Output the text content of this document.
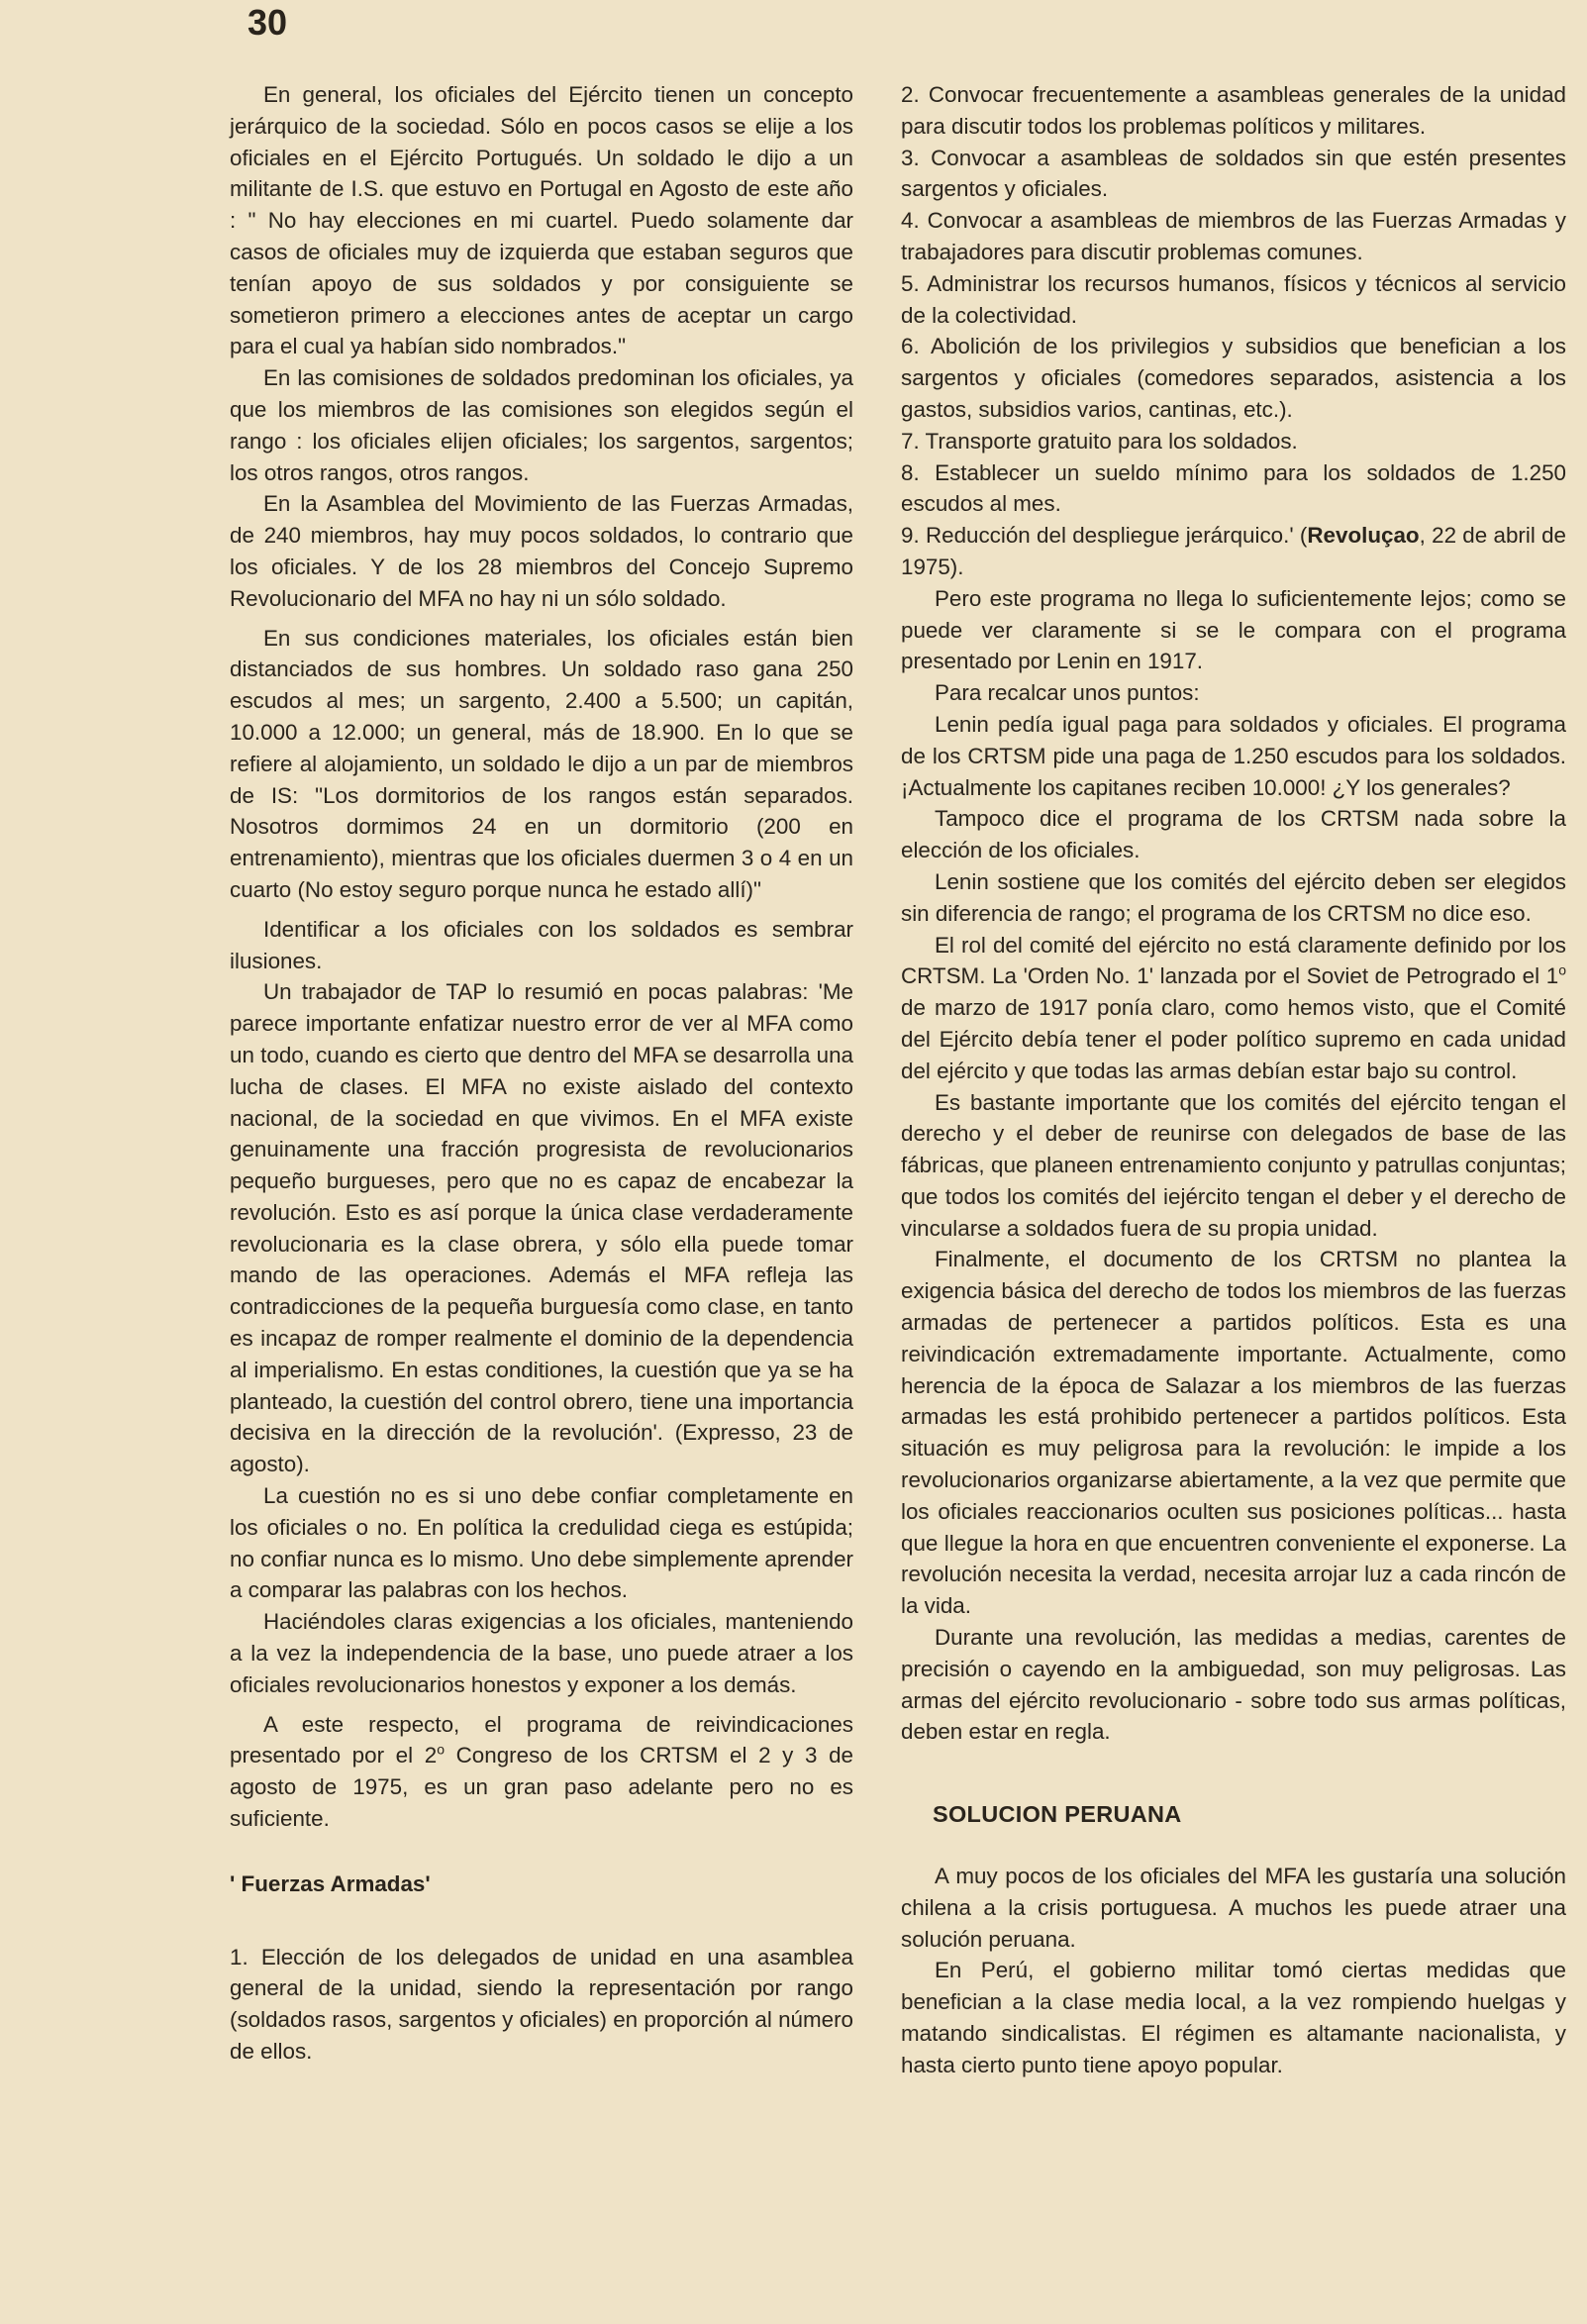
30

En general, los oficiales del Ejército tienen un concepto jerárquico de la sociedad. Sólo en pocos casos se elije a los oficiales en el Ejército Portugués. Un soldado le dijo a un militante de I.S. que estuvo en Portugal en Agosto de este año : " No hay elecciones en mi cuartel. Puedo solamente dar casos de oficiales muy de izquierda que estaban seguros que tenían apoyo de sus soldados y por consiguiente se sometieron primero a elecciones antes de aceptar un cargo para el cual ya habían sido nombrados."

En las comisiones de soldados predominan los oficiales, ya que los miembros de las comisiones son elegidos según el rango : los oficiales elijen oficiales; los sargentos, sargentos; los otros rangos, otros rangos.

En la Asamblea del Movimiento de las Fuerzas Armadas, de 240 miembros, hay muy pocos soldados, lo contrario que los oficiales. Y de los 28 miembros del Concejo Supremo Revolucionario del MFA no hay ni un sólo soldado.

En sus condiciones materiales, los oficiales están bien distanciados de sus hombres. Un soldado raso gana 250 escudos al mes; un sargento, 2.400 a 5.500; un capitán, 10.000 a 12.000; un general, más de 18.900. En lo que se refiere al alojamiento, un soldado le dijo a un par de miembros de IS: "Los dormitorios de los rangos están separados. Nosotros dormimos 24 en un dormitorio (200 en entrenamiento), mientras que los oficiales duermen 3 o 4 en un cuarto (No estoy seguro porque nunca he estado allí)"

Identificar a los oficiales con los soldados es sembrar ilusiones.

Un trabajador de TAP lo resumió en pocas palabras: 'Me parece importante enfatizar nuestro error de ver al MFA como un todo, cuando es cierto que dentro del MFA se desarrolla una lucha de clases. El MFA no existe aislado del contexto nacional, de la sociedad en que vivimos. En el MFA existe genuinamente una fracción progresista de revolucionarios pequeño burgueses, pero que no es capaz de encabezar la revolución. Esto es así porque la única clase verdaderamente revolucionaria es la clase obrera, y sólo ella puede tomar mando de las operaciones. Además el MFA refleja las contradicciones de la pequeña burguesía como clase, en tanto es incapaz de romper realmente el dominio de la dependencia al imperialismo. En estas conditiones, la cuestión que ya se ha planteado, la cuestión del control obrero, tiene una importancia decisiva en la dirección de la revolución'. (Expresso, 23 de agosto).

La cuestión no es si uno debe confiar completamente en los oficiales o no. En política la credulidad ciega es estúpida; no confiar nunca es lo mismo. Uno debe simplemente aprender a comparar las palabras con los hechos.

Haciéndoles claras exigencias a los oficiales, manteniendo a la vez la independencia de la base, uno puede atraer a los oficiales revolucionarios honestos y exponer a los demás.

A este respecto, el programa de reivindicaciones presentado por el 2$^o$ Congreso de los CRTSM el 2 y 3 de agosto de 1975, es un gran paso adelante pero no es suficiente.

' Fuerzas Armadas'

1. Elección de los delegados de unidad en una asamblea general de la unidad, siendo la representación por rango (soldados rasos, sargentos y oficiales) en proporción al número de ellos.

2. Convocar frecuentemente a asambleas generales de la unidad para discutir todos los problemas políticos y militares.

3. Convocar a asambleas de soldados sin que estén presentes sargentos y oficiales.

4. Convocar a asambleas de miembros de las Fuerzas Armadas y trabajadores para discutir problemas comunes.

5. Administrar los recursos humanos, físicos y técnicos al servicio de la colectividad.

6. Abolición de los privilegios y subsidios que benefician a los sargentos y oficiales (comedores separados, asistencia a los gastos, subsidios varios, cantinas, etc.).

7. Transporte gratuito para los soldados.

8. Establecer un sueldo mínimo para los soldados de 1.250 escudos al mes.

9. Reducción del despliegue jerárquico.' (Revoluçao, 22 de abril de 1975).

Pero este programa no llega lo suficientemente lejos; como se puede ver claramente si se le compara con el programa presentado por Lenin en 1917.

Para recalcar unos puntos:

Lenin pedía igual paga para soldados y oficiales. El programa de los CRTSM pide una paga de 1.250 escudos para los soldados. ¡Actualmente los capitanes reciben 10.000! ¿Y los generales?

Tampoco dice el programa de los CRTSM nada sobre la elección de los oficiales.

Lenin sostiene que los comités del ejército deben ser elegidos sin diferencia de rango; el programa de los CRTSM no dice eso.

El rol del comité del ejército no está claramente definido por los CRTSM. La 'Orden No. 1' lanzada por el Soviet de Petrogrado el 1$^o$ de marzo de 1917 ponía claro, como hemos visto, que el Comité del Ejército debía tener el poder político supremo en cada unidad del ejército y que todas las armas debían estar bajo su control.

Es bastante importante que los comités del ejército tengan el derecho y el deber de reunirse con delegados de base de las fábricas, que planeen entrenamiento conjunto y patrullas conjuntas; que todos los comités del iejército tengan el deber y el derecho de vincularse a soldados fuera de su propia unidad.

Finalmente, el documento de los CRTSM no plantea la exigencia básica del derecho de todos los miembros de las fuerzas armadas de pertenecer a partidos políticos. Esta es una reivindicación extremadamente importante. Actualmente, como herencia de la época de Salazar a los miembros de las fuerzas armadas les está prohibido pertenecer a partidos políticos. Esta situación es muy peligrosa para la revolución: le impide a los revolucionarios organizarse abiertamente, a la vez que permite que los oficiales reaccionarios oculten sus posiciones políticas... hasta que llegue la hora en que encuentren conveniente el exponerse. La revolución necesita la verdad, necesita arrojar luz a cada rincón de la vida.

Durante una revolución, las medidas a medias, carentes de precisión o cayendo en la ambiguedad, son muy peligrosas. Las armas del ejército revolucionario - sobre todo sus armas políticas, deben estar en regla.

SOLUCION PERUANA

A muy pocos de los oficiales del MFA les gustaría una solución chilena a la crisis portuguesa. A muchos les puede atraer una solución peruana.

En Perú, el gobierno militar tomó ciertas medidas que benefician a la clase media local, a la vez rompiendo huelgas y matando sindicalistas. El régimen es altamante nacionalista, y hasta cierto punto tiene apoyo popular.
